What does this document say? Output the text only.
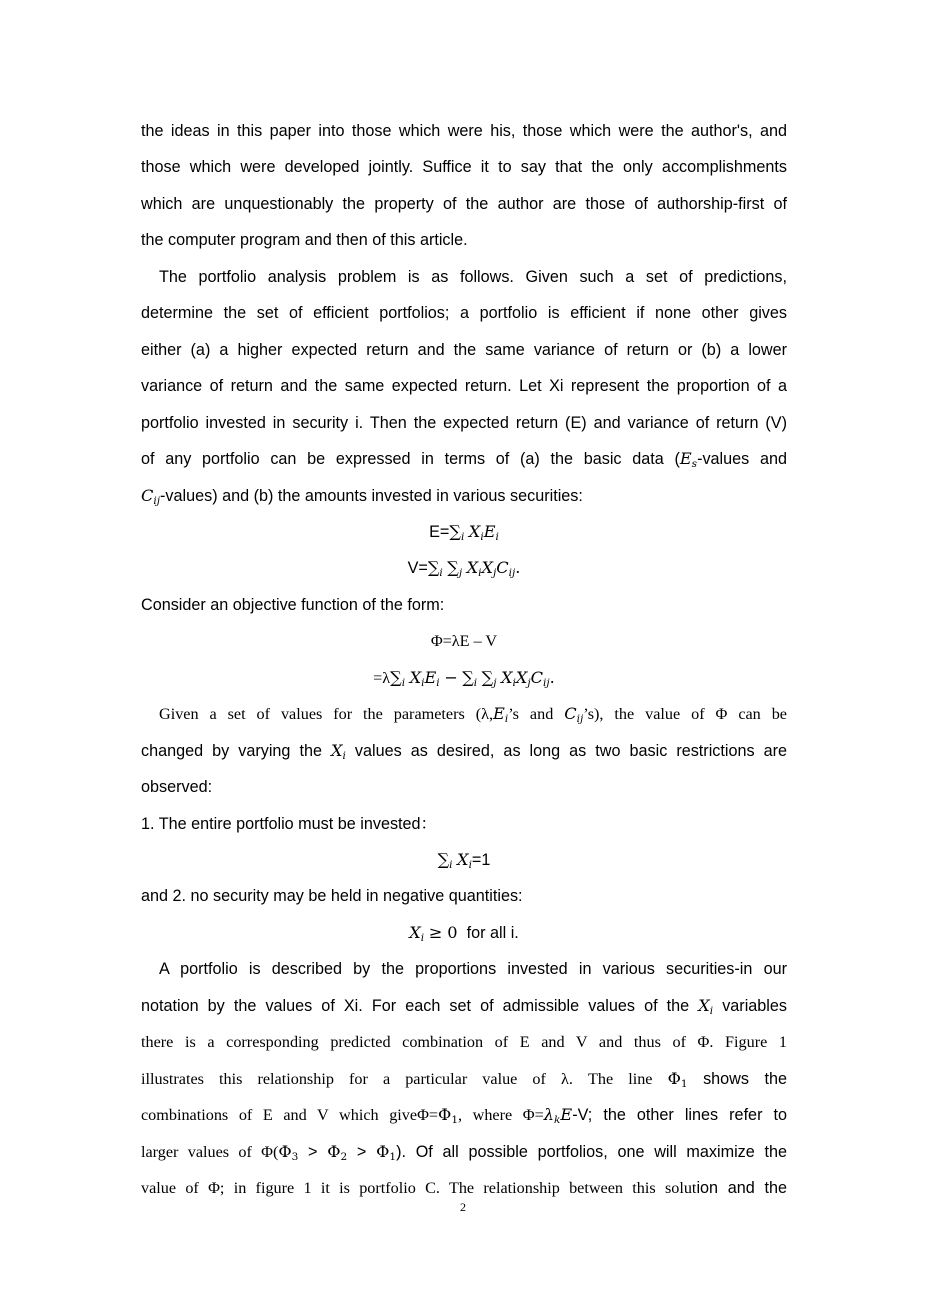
the ideas in this paper into those which were his, those which were the author's, and
those which were developed jointly. Suffice it to say that the only accomplishments
which are unquestionably the property of the author are those of authorship-first of
the computer program and then of this article.
The portfolio analysis problem is as follows. Given such a set of predictions,
determine the set of efficient portfolios; a portfolio is efficient if none other gives
either (a) a higher expected return and the same variance of return or (b) a lower
variance of return and the same expected return. Let Xi represent the proportion of a
portfolio invested in security i. Then the expected return (E) and variance of return (V)
of any portfolio can be expressed in terms of (a) the basic data ($E_s$-values and
$C_{ij}-values$) and (b) the amounts invested in various securities:
$E=\sum_i$ $X_iE_i$
$V=\sum_i$ $\sum_j$ $X_iX_jC_{ij}$.
Consider an objective function of the form:
Φ=λE – V
$=\lambda\sum_i$ $X_iE_i - \sum_i$ $\sum_j$ $X_iX_jC_{ij}$.
Given a set of values for the parameters ($\lambda,E_i’s$ and $C_{ij}’s$), the value of Φ can be
changed by varying the $X_i$ values as desired, as long as two basic restrictions are
observed:
1. The entire portfolio must be invested：
$\sum_i$ $X_i=1$
and 2. no security may be held in negative quantities:
$X_i \ge 0$ for all i.
A portfolio is described by the proportions invested in various securities-in our
notation by the values of Xi. For each set of admissible values of the $X_i$ variables
there is a corresponding predicted combination of E and V and thus of Φ. Figure 1
illustrates this relationship for a particular value of λ. The line $\Phi_1$ shows the
combinations of E and V which $give\Phi=\Phi_1$, where $\Phi=\lambda_kE-V$; the other lines refer to
larger values of $\Phi(\Phi_3 > \Phi_2 > \Phi_1)$. Of all possible portfolios, one will maximize the
value of Φ; in figure 1 it is portfolio C. The relationship between this solution and the
2
